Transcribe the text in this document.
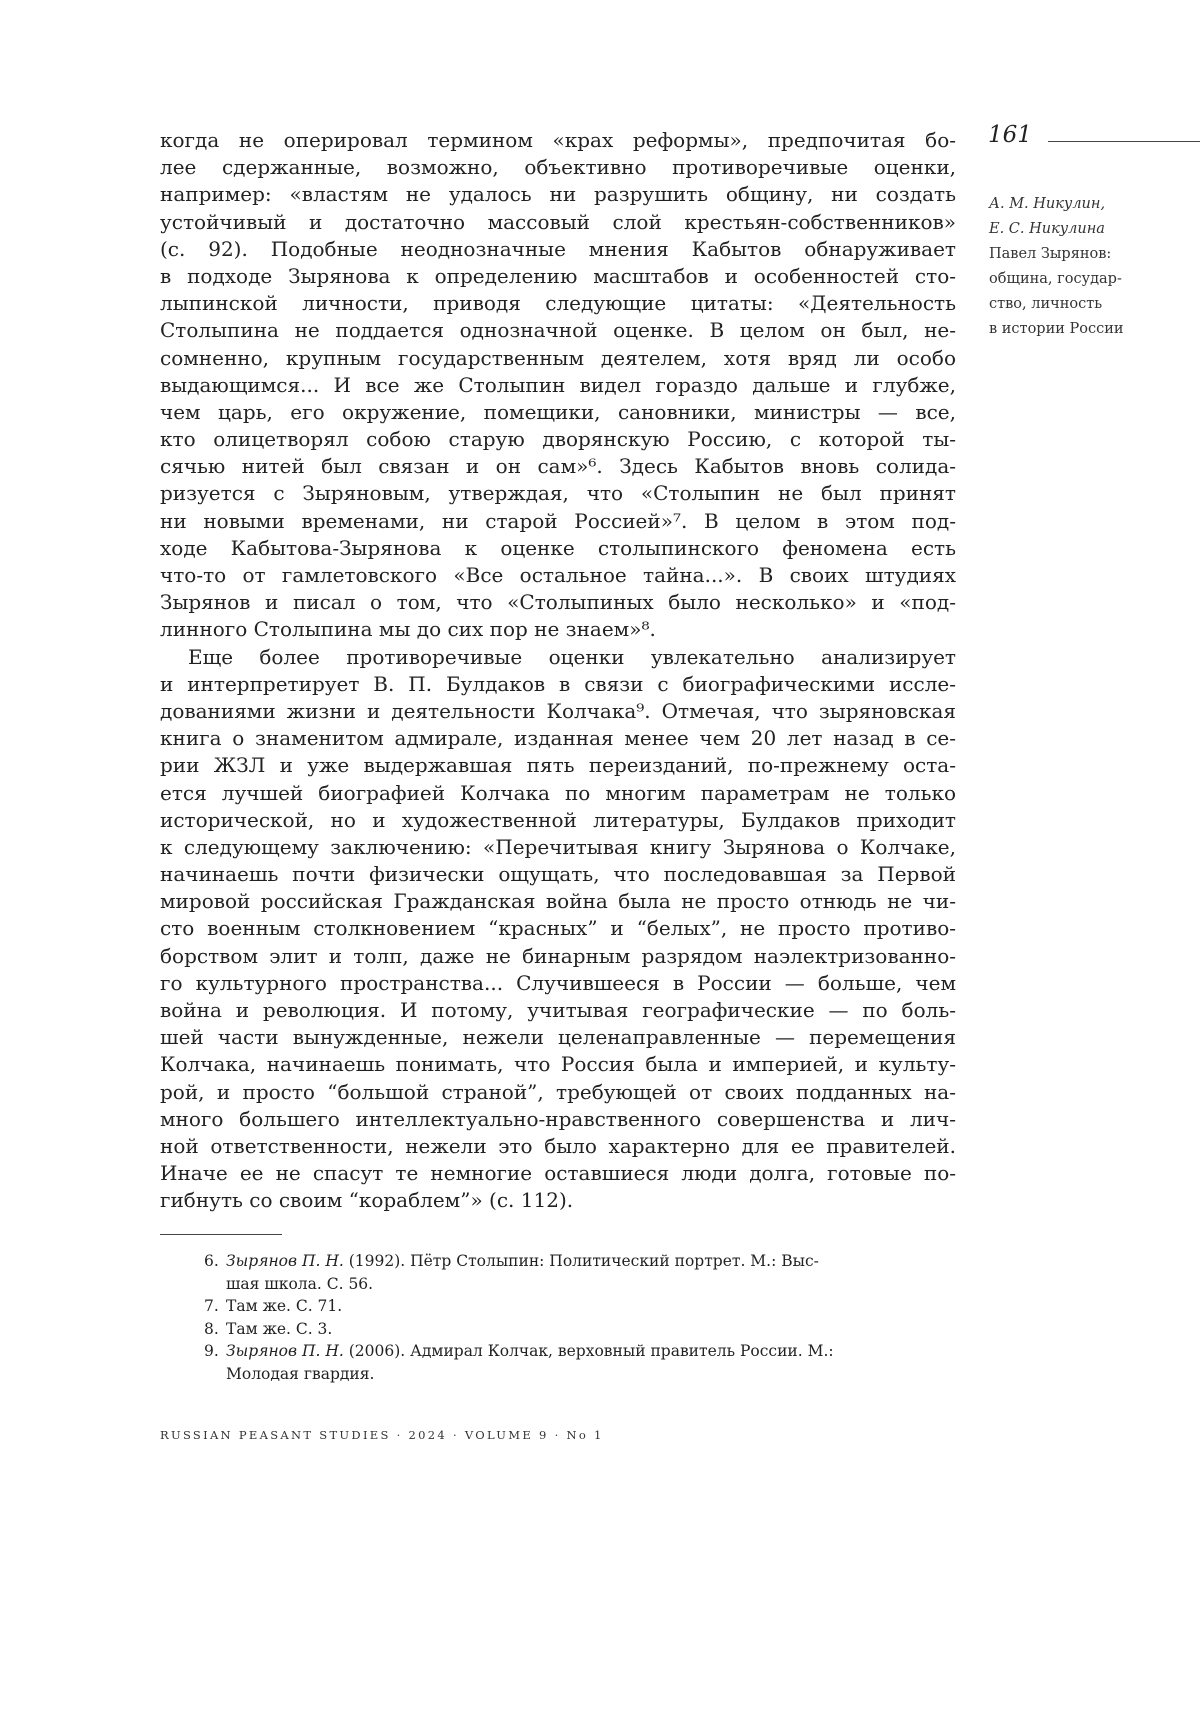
161
А. М. Никулин,
Е. С. Никулина
Павел Зырянов:
община, государ-
ство, личность
в истории России
когда не оперировал термином «крах реформы», предпочитая бо-
лее сдержанные, возможно, объективно противоречивые оценки,
например: «властям не удалось ни разрушить общину, ни создать
устойчивый и достаточно массовый слой крестьян-собственников»
(с. 92). Подобные неоднозначные мнения Кабытов обнаруживает
в подходе Зырянова к определению масштабов и особенностей сто-
лыпинской личности, приводя следующие цитаты: «Деятельность
Столыпина не поддается однозначной оценке. В целом он был, не-
сомненно, крупным государственным деятелем, хотя вряд ли особо
выдающимся... И все же Столыпин видел гораздо дальше и глубже,
чем царь, его окружение, помещики, сановники, министры — все,
кто олицетворял собою старую дворянскую Россию, с которой ты-
сячью нитей был связан и он сам»⁶. Здесь Кабытов вновь солида-
ризуется с Зыряновым, утверждая, что «Столыпин не был принят
ни новыми временами, ни старой Россией»⁷. В целом в этом под-
ходе Кабытова-Зырянова к оценке столыпинского феномена есть
что-то от гамлетовского «Все остальное тайна...». В своих штудиях
Зырянов и писал о том, что «Столыпиных было несколько» и «под-
линного Столыпина мы до сих пор не знаем»⁸.
Еще более противоречивые оценки увлекательно анализирует
и интерпретирует В. П. Булдаков в связи с биографическими иссле-
дованиями жизни и деятельности Колчака⁹. Отмечая, что зыряновская
книга о знаменитом адмирале, изданная менее чем 20 лет назад в се-
рии ЖЗЛ и уже выдержавшая пять переизданий, по-прежнему оста-
ется лучшей биографией Колчака по многим параметрам не только
исторической, но и художественной литературы, Булдаков приходит
к следующему заключению: «Перечитывая книгу Зырянова о Колчаке,
начинаешь почти физически ощущать, что последовавшая за Первой
мировой российская Гражданская война была не просто отнюдь не чи-
сто военным столкновением “красных” и “белых”, не просто противо-
борством элит и толп, даже не бинарным разрядом наэлектризованно-
го культурного пространства... Случившееся в России — больше, чем
война и революция. И потому, учитывая географические — по боль-
шей части вынужденные, нежели целенаправленные — перемещения
Колчака, начинаешь понимать, что Россия была и империей, и культу-
рой, и просто “большой страной”, требующей от своих подданных на-
много большего интеллектуально-нравственного совершенства и лич-
ной ответственности, нежели это было характерно для ее правителей.
Иначе ее не спасут те немногие оставшиеся люди долга, готовые по-
гибнуть со своим “кораблем”» (с. 112).
6. Зырянов П. Н. (1992). Пётр Столыпин: Политический портрет. М.: Выс-
шая школа. С. 56.
7. Там же. С. 71.
8. Там же. С. 3.
9. Зырянов П. Н. (2006). Адмирал Колчак, верховный правитель России. М.:
Молодая гвардия.
RUSSIAN PEASANT STUDIES · 2024 · VOLUME 9 · No 1
